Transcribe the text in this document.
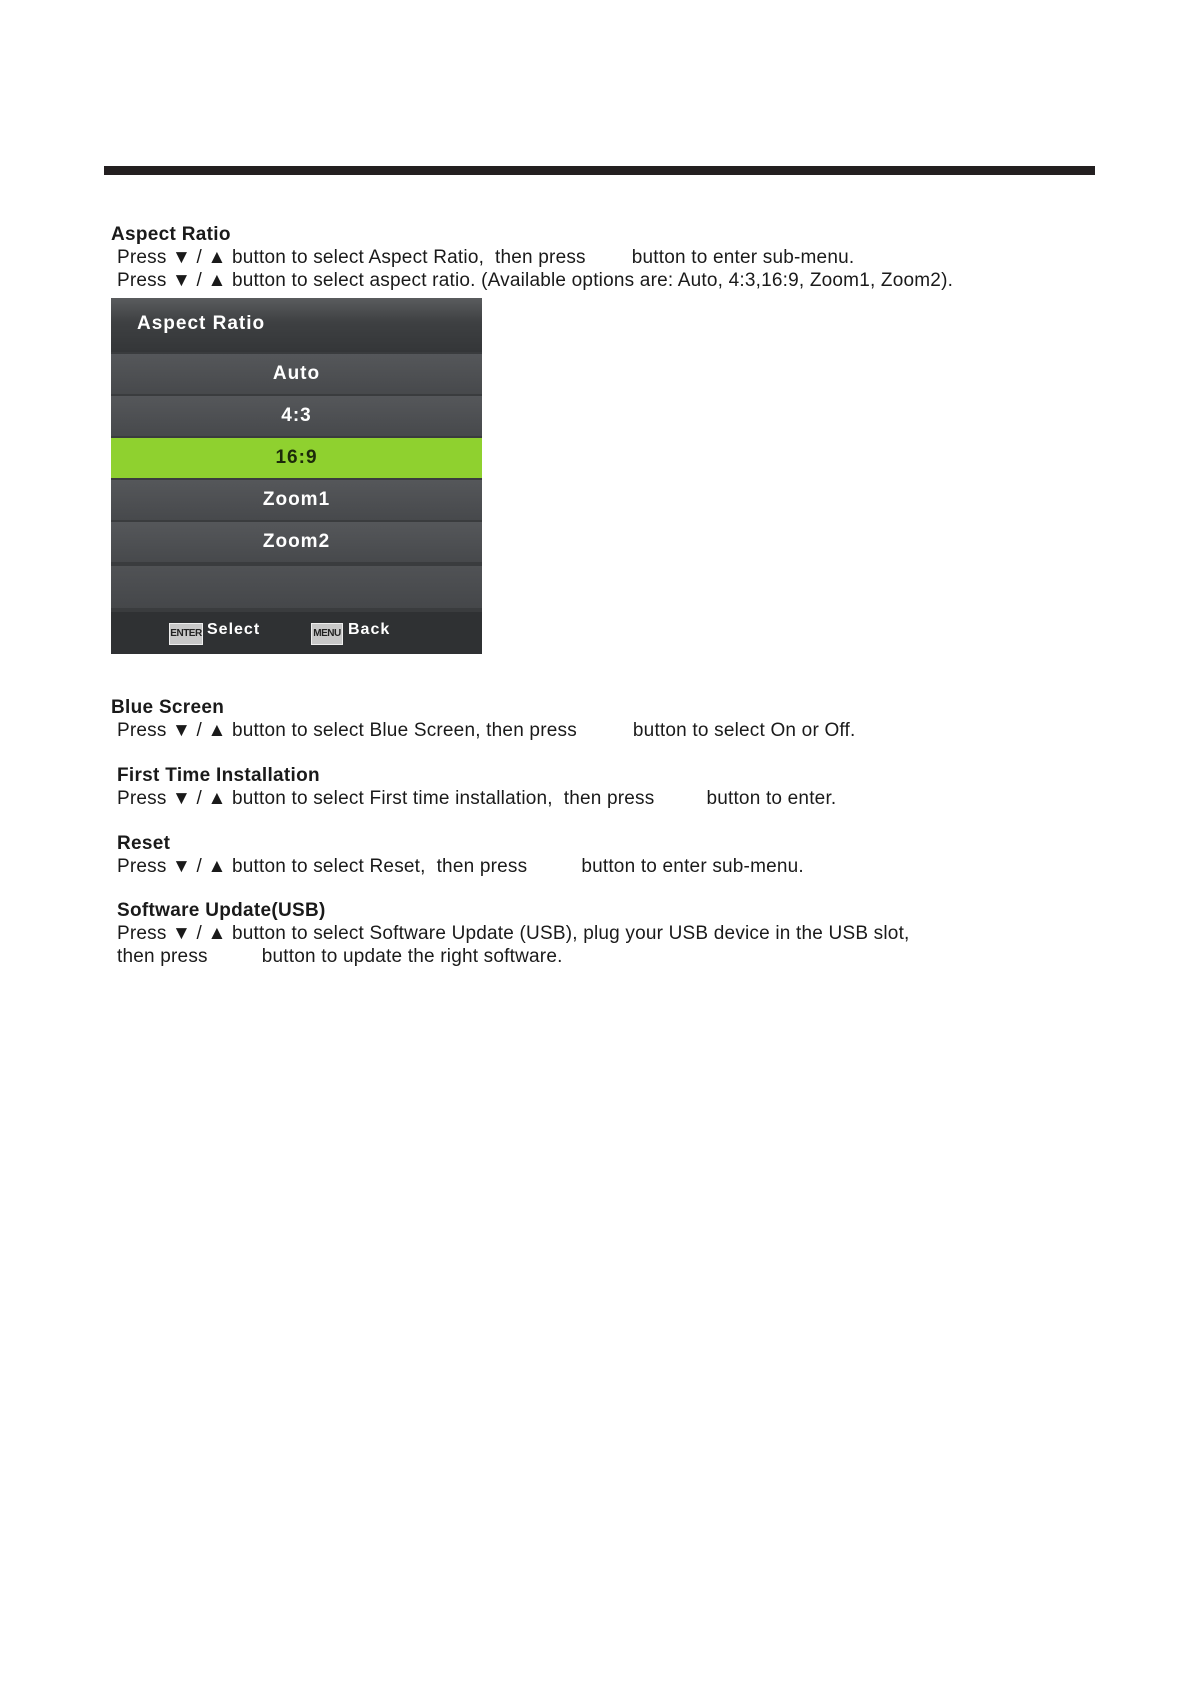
Aspect Ratio

Press ▼ / ▲ button to select Aspect Ratio,  then press button to enter sub-menu.

Press ▼ / ▲ button to select aspect ratio. (Available options are: Auto, 4:3,16:9, Zoom1, Zoom2).

Aspect Ratio
Auto
4:3
16:9
Zoom1
Zoom2
ENTER Select	MENU Back

Blue Screen

Press ▼ / ▲ button to select Blue Screen, then press	button to select On or Off.

First Time Installation

Press ▼ / ▲ button to select First time installation,  then press	button to enter.

Reset

Press ▼ / ▲ button to select Reset,  then press	button to enter sub-menu.

Software Update(USB)

Press ▼ / ▲ button to select Software Update (USB), plug your USB device in the USB slot,

then press	button to update the right software.
